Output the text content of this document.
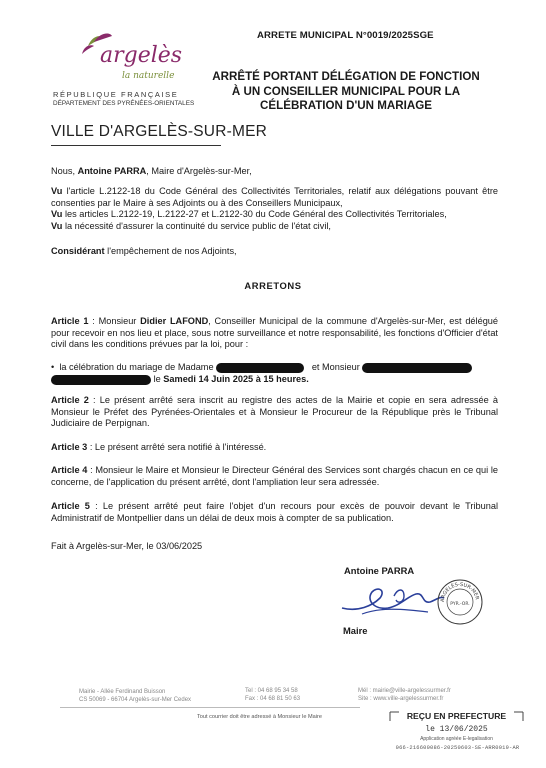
ARRETE MUNICIPAL N°0019/2025SGE
argelès
la naturelle
RÉPUBLIQUE FRANÇAISE
DÉPARTEMENT DES PYRÉNÉES-ORIENTALES
VILLE D'ARGELÈS-SUR-MER
ARRÊTÉ PORTANT DÉLÉGATION DE FONCTION
À UN CONSEILLER MUNICIPAL POUR LA
CÉLÉBRATION D'UN MARIAGE
Nous, Antoine PARRA, Maire d'Argelès-sur-Mer,
Vu l'article L.2122-18 du Code Général des Collectivités Territoriales, relatif aux délégations pouvant être consenties par le Maire à ses Adjoints ou à des Conseillers Municipaux,
Vu les articles L.2122-19, L.2122-27 et L.2122-30 du Code Général des Collectivités Territoriales,
Vu la nécessité d'assurer la continuité du service public de l'état civil,
Considérant l'empêchement de nos Adjoints,
ARRETONS
Article 1 : Monsieur Didier LAFOND, Conseiller Municipal de la commune d'Argelès-sur-Mer, est délégué pour recevoir en nos lieu et place, sous notre surveillance et notre responsabilité, les fonctions d'Officier d'état civil dans les conditions prévues par la loi, pour :
•  la célébration du mariage de Madame	et Monsieur
le Samedi 14 Juin 2025 à 15 heures.
Article 2 : Le présent arrêté sera inscrit au registre des actes de la Mairie et copie en sera adressée à Monsieur le Préfet des Pyrénées-Orientales et à Monsieur le Procureur de la République près le Tribunal Judiciaire de Perpignan.
Article 3 : Le présent arrêté sera notifié à l'intéressé.
Article 4 : Monsieur le Maire et Monsieur le Directeur Général des Services sont chargés chacun en ce qui le concerne, de l'application du présent arrêté, dont l'ampliation leur sera adressée.
Article 5 : Le présent arrêté peut faire l'objet d'un recours pour excès de pouvoir devant le Tribunal Administratif de Montpellier dans un délai de deux mois à compter de sa publication.
Fait à Argelès-sur-Mer, le 03/06/2025
Antoine PARRA
ARGELÈS-SUR-MER
PYR.-OR.
Maire
Mairie - Allée Ferdinand Buisson
CS 50069 - 66704 Argelès-sur-Mer Cedex
Tel : 04 68 95 34 58
Fax : 04 68 81 50 63
Mél : mairie@ville-argelessurmer.fr
Site : www.ville-argelessurmer.fr
Tout courrier doit être adressé à Monsieur le Maire	REÇU EN PREFECTURE
le 13/06/2025
Application agréée E-legalisation
066-216600086-20250603-SE-ARR0019-AR
